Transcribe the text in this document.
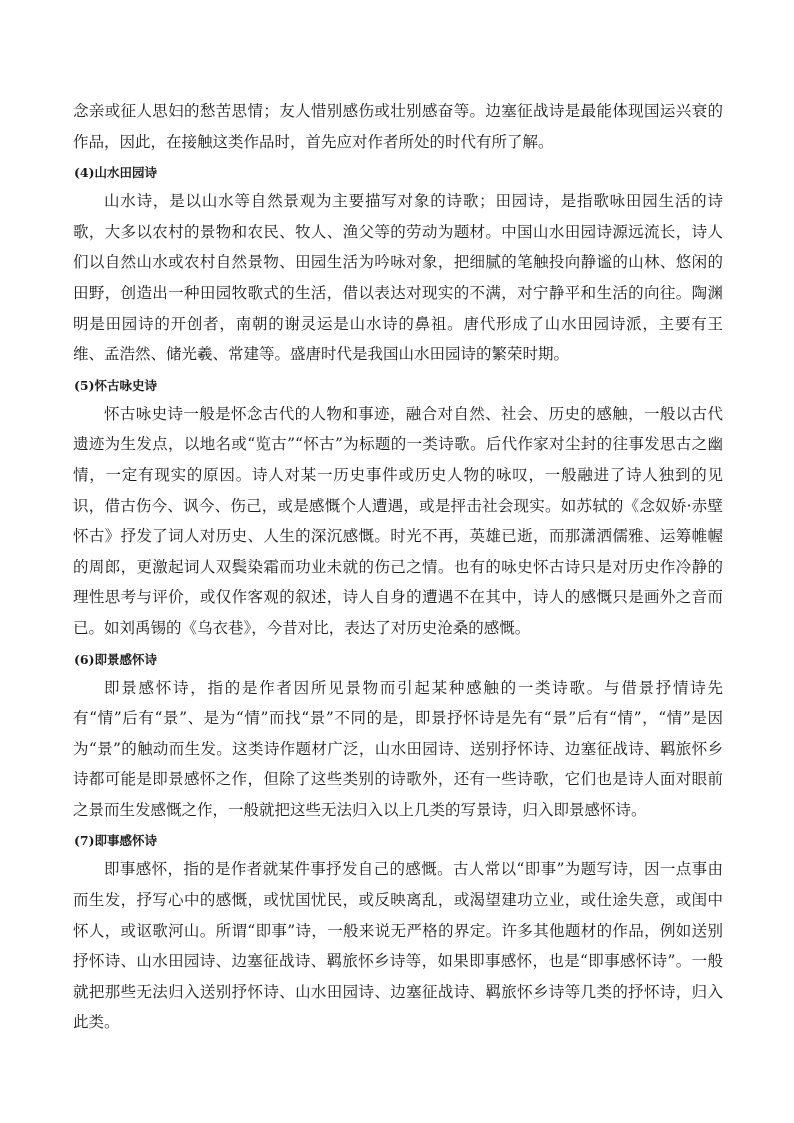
念亲或征人思妇的愁苦思情；友人惜别感伤或壮别感奋等。边塞征战诗是最能体现国运兴衰的作品，因此，在接触这类作品时，首先应对作者所处的时代有所了解。

(4)山水田园诗

山水诗，是以山水等自然景观为主要描写对象的诗歌；田园诗，是指歌咏田园生活的诗歌，大多以农村的景物和农民、牧人、渔父等的劳动为题材。中国山水田园诗源远流长，诗人们以自然山水或农村自然景物、田园生活为吟咏对象，把细腻的笔触投向静谧的山林、悠闲的田野，创造出一种田园牧歌式的生活，借以表达对现实的不满，对宁静平和生活的向往。陶渊明是田园诗的开创者，南朝的谢灵运是山水诗的鼻祖。唐代形成了山水田园诗派，主要有王维、孟浩然、储光羲、常建等。盛唐时代是我国山水田园诗的繁荣时期。

(5)怀古咏史诗

怀古咏史诗一般是怀念古代的人物和事迹，融合对自然、社会、历史的感触，一般以古代遗迹为生发点，以地名或“览古”“怀古”为标题的一类诗歌。后代作家对尘封的往事发思古之幽情，一定有现实的原因。诗人对某一历史事件或历史人物的咏叹，一般融进了诗人独到的见识，借古伤今、讽今、伤己，或是感慨个人遭遇，或是抨击社会现实。如苏轼的《念奴娇·赤壁怀古》抒发了词人对历史、人生的深沉感慨。时光不再，英雄已逝，而那潇洒儒雅、运筹帷幄的周郎，更激起词人双鬓染霜而功业未就的伤己之情。也有的咏史怀古诗只是对历史作冷静的理性思考与评价，或仅作客观的叙述，诗人自身的遭遇不在其中，诗人的感慨只是画外之音而已。如刘禹锡的《乌衣巷》，今昔对比，表达了对历史沧桑的感慨。

(6)即景感怀诗

即景感怀诗，指的是作者因所见景物而引起某种感触的一类诗歌。与借景抒情诗先有“情”后有“景”、是为“情”而找“景”不同的是，即景抒怀诗是先有“景”后有“情”，“情”是因为“景”的触动而生发。这类诗作题材广泛，山水田园诗、送别抒怀诗、边塞征战诗、羁旅怀乡诗都可能是即景感怀之作，但除了这些类别的诗歌外，还有一些诗歌，它们也是诗人面对眼前之景而生发感慨之作，一般就把这些无法归入以上几类的写景诗，归入即景感怀诗。

(7)即事感怀诗

即事感怀，指的是作者就某件事抒发自己的感慨。古人常以“即事”为题写诗，因一点事由而生发，抒写心中的感慨，或忧国忧民，或反映离乱，或渴望建功立业，或仕途失意，或闺中怀人，或讴歌河山。所谓“即事”诗，一般来说无严格的界定。许多其他题材的作品，例如送别抒怀诗、山水田园诗、边塞征战诗、羁旅怀乡诗等，如果即事感怀，也是“即事感怀诗”。一般就把那些无法归入送别抒怀诗、山水田园诗、边塞征战诗、羁旅怀乡诗等几类的抒怀诗，归入此类。
